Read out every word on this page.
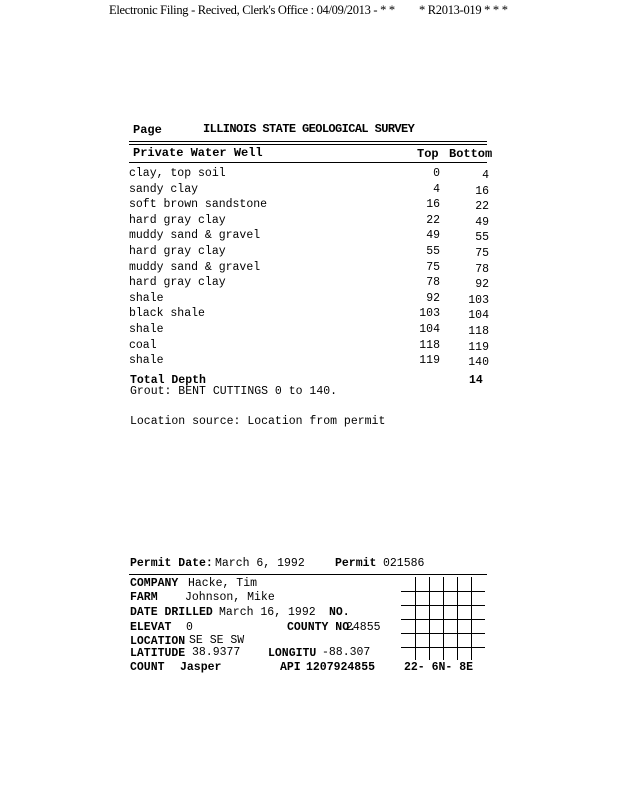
Electronic Filing - Recived, Clerk's Office : 04/09/2013 - * * * R2013-019 * * *
Page	ILLINOIS STATE GEOLOGICAL SURVEY
Private Water Well	Top Bottom
clay, top soil	0	4
sandy clay	4	16
soft brown sandstone	16	22
hard gray clay	22	49
muddy sand & gravel	49	55
hard gray clay	55	75
muddy sand & gravel	75	78
hard gray clay	78	92
shale	92 103
black shale	103 104
shale	104 118
coal	118 119
shale	119 140
Total Depth	14
Grout: BENT CUTTINGS 0 to 140.
Location source: Location from permit
Permit Date: March 6, 1992	Permit 021586
COMPANY Hacke, Tim
FARM Johnson, Mike
DATE DRILLED March 16, 1992 NO.
ELEVAT 0	COUNTY NO.
24855
LOCATION SE SE SW
LATITUDE 38.9377 LONGITU -88.307
COUNT Jasper	API 1207924855	22- 6N- 8E
